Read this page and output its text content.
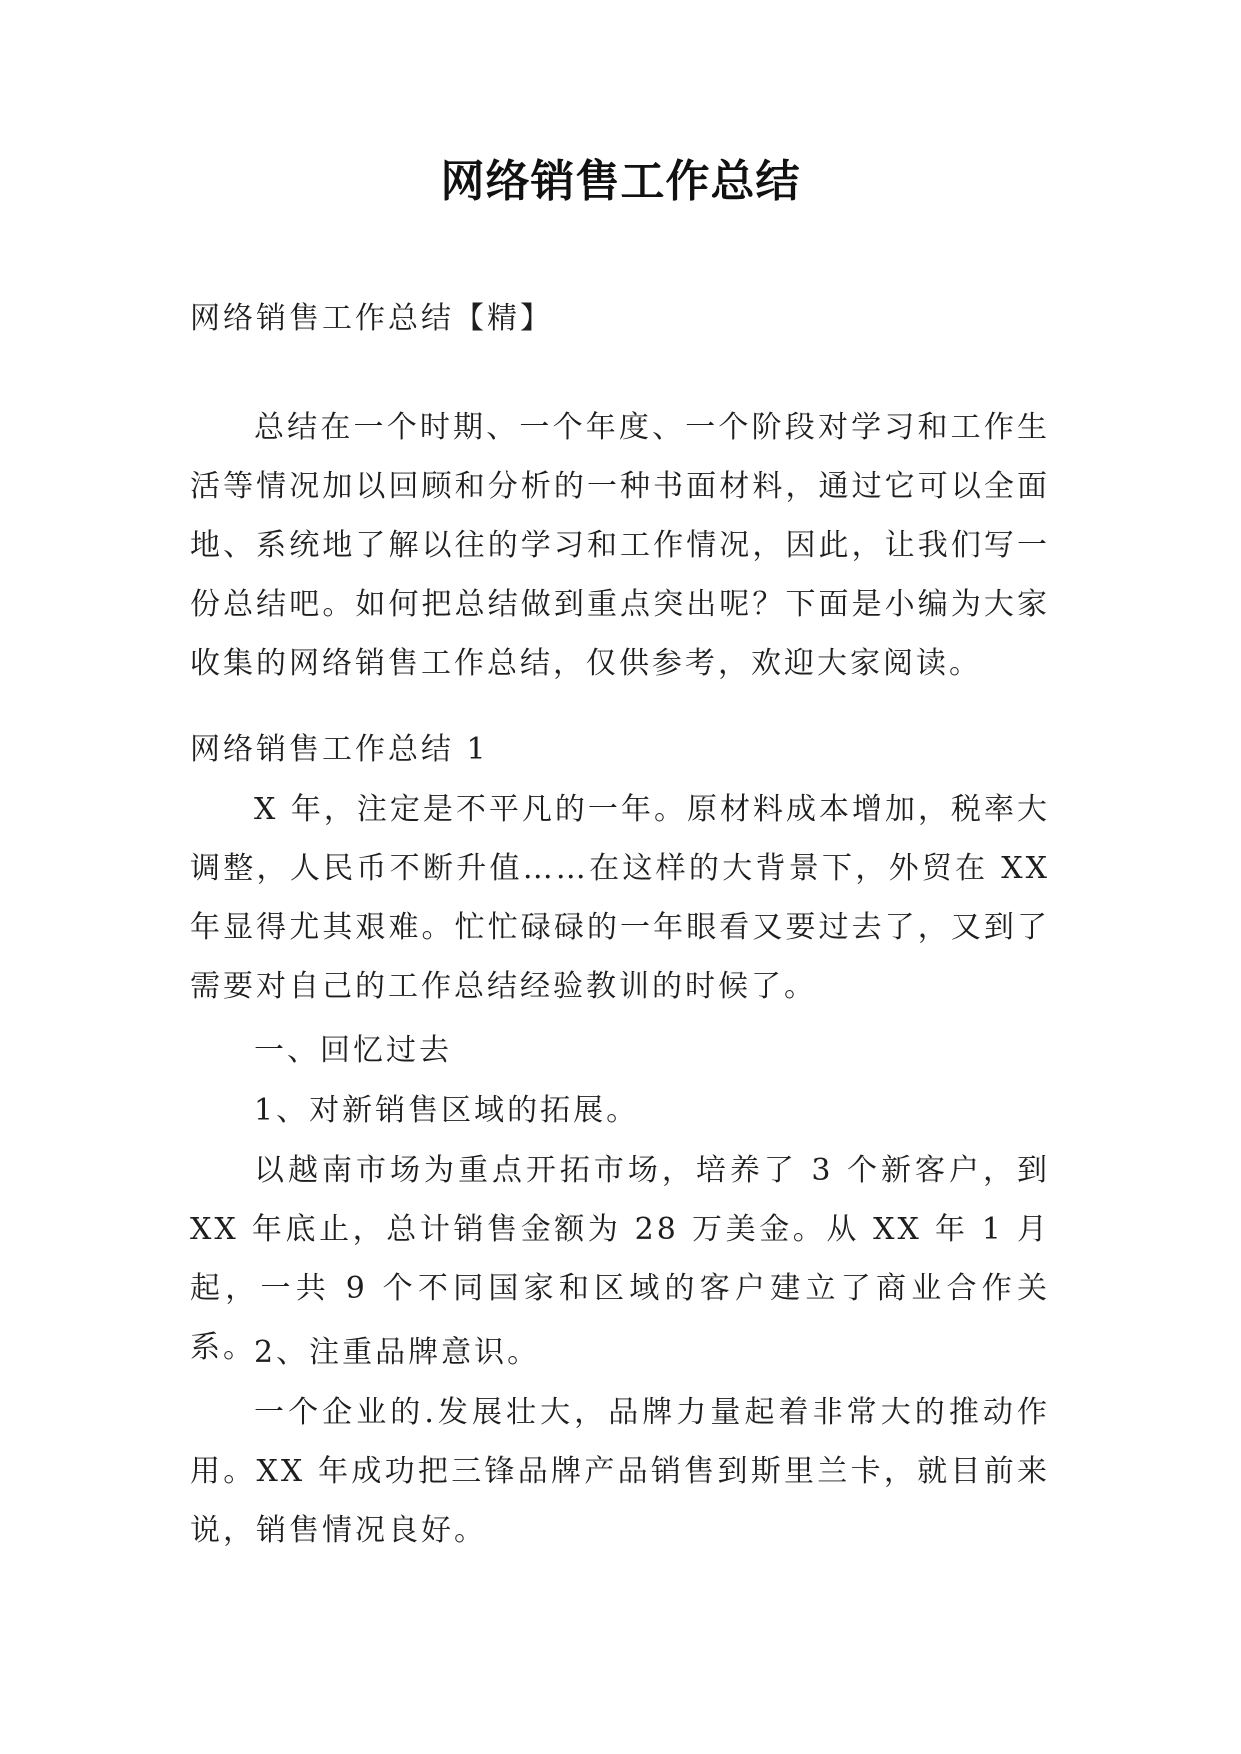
网络销售工作总结

网络销售工作总结【精】

总结在一个时期、一个年度、一个阶段对学习和工作生活等情况加以回顾和分析的一种书面材料，通过它可以全面地、系统地了解以往的学习和工作情况，因此，让我们写一份总结吧。如何把总结做到重点突出呢？下面是小编为大家收集的网络销售工作总结，仅供参考，欢迎大家阅读。

网络销售工作总结 1

X 年，注定是不平凡的一年。原材料成本增加，税率大调整，人民币不断升值……在这样的大背景下，外贸在 XX 年显得尤其艰难。忙忙碌碌的一年眼看又要过去了，又到了需要对自己的工作总结经验教训的时候了。

一、回忆过去

1、对新销售区域的拓展。

以越南市场为重点开拓市场，培养了 3 个新客户，到 XX 年底止，总计销售金额为 28 万美金。从 XX 年 1 月起，一共 9 个不同国家和区域的客户建立了商业合作关系。

2、注重品牌意识。

一个企业的.发展壮大，品牌力量起着非常大的推动作用。XX 年成功把三锋品牌产品销售到斯里兰卡，就目前来说，销售情况良好。
